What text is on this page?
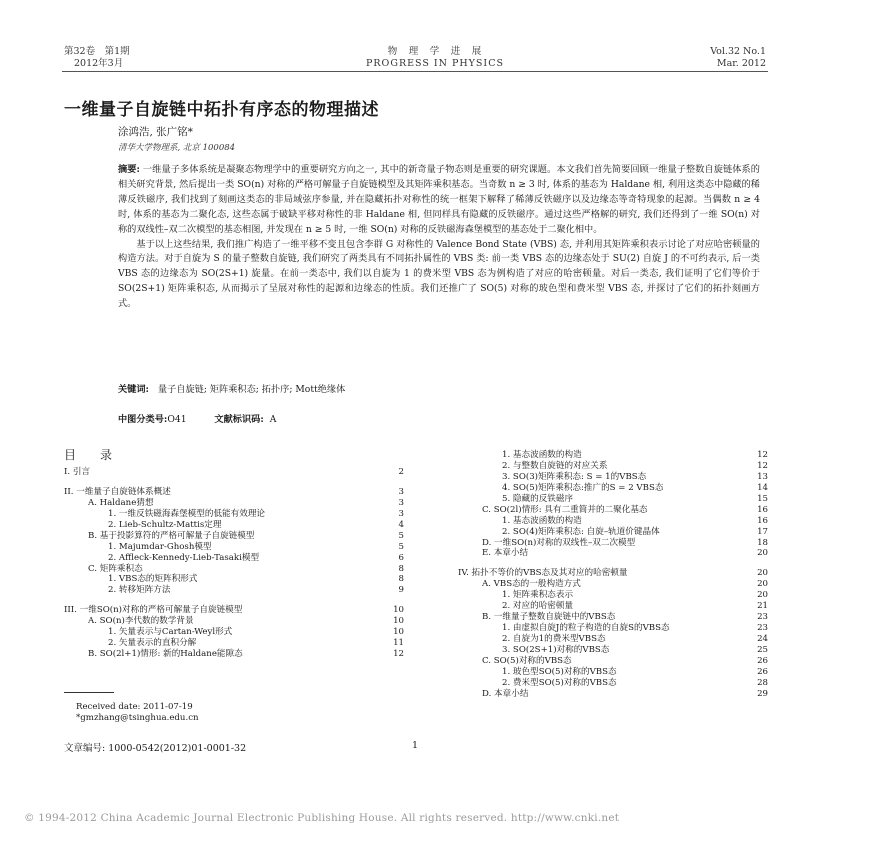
第32卷　第1期
2012年3月
物　理　学　进　展
PROGRESS IN PHYSICS
Vol.32 No.1
Mar. 2012
一维量子自旋链中拓扑有序态的物理描述
涂鸿浩, 张广铭*
清华大学物理系, 北京 100084

摘要: 一维量子多体系统是凝聚态物理学中的重要研究方向之一, 其中的新奇量子物态则是重要的研究课题。本文我们首先简要回顾一维量子整数自旋链体系的相关研究背景, 然后提出一类 SO(n) 对称的严格可解量子自旋链模型及其矩阵乘积基态。当奇数 n ≥ 3 时, 体系的基态为 Haldane 相, 利用这类态中隐藏的稀薄反铁磁序, 我们找到了刻画这类态的非局域弦序参量, 并在隐藏拓扑对称性的统一框架下解释了稀薄反铁磁序以及边缘态等奇特现象的起源。当偶数 n ≥ 4 时, 体系的基态为二聚化态, 这些态属于破缺平移对称性的非 Haldane 相, 但同样具有隐藏的反铁磁序。通过这些严格解的研究, 我们还得到了一维 SO(n) 对称的双线性–双二次模型的基态相图, 并发现在 n ≥ 5 时, 一维 SO(n) 对称的反铁磁海森堡模型的基态处于二聚化相中。

基于以上这些结果, 我们推广构造了一维平移不变且包含李群 G 对称性的 Valence Bond State (VBS) 态, 并利用其矩阵乘积表示讨论了对应哈密顿量的构造方法。对于自旋为 S 的量子整数自旋链, 我们研究了两类具有不同拓扑属性的 VBS 类: 前一类 VBS 态的边缘态处于 SU(2) 自旋 J 的不可约表示, 后一类 VBS 态的边缘态为 SO(2S+1) 旋量。在前一类态中, 我们以自旋为 1 的费米型 VBS 态为例构造了对应的哈密顿量。对后一类态, 我们证明了它们等价于 SO(2S+1) 矩阵乘积态, 从而揭示了呈展对称性的起源和边缘态的性质。我们还推广了 SO(5) 对称的玻色型和费米型 VBS 态, 并探讨了它们的拓扑刻画方式。

关键词: 量子自旋链; 矩阵乘积态; 拓扑序; Mott绝缘体
中图分类号:O41	文献标识码: A
目　录
I. 引言	2
II. 一维量子自旋链体系概述	3
A. Haldane猜想	3
1. 一维反铁磁海森堡模型的低能有效理论	3
2. Lieb-Schultz-Mattis定理	4
B. 基于投影算符的严格可解量子自旋链模型	5
1. Majumdar-Ghosh模型	5
2. Affleck-Kennedy-Lieb-Tasaki模型	6
C. 矩阵乘积态	8
1. VBS态的矩阵积形式	8
2. 转移矩阵方法	9
III. 一维SO(n)对称的严格可解量子自旋链模型	10
A. SO(n)李代数的数学背景	10
1. 矢量表示与Cartan-Weyl形式	10
2. 矢量表示的直积分解	11
B. SO(2l+1)情形: 新的Haldane能隙态	12
1. 基态波函数的构造	12
2. 与整数自旋链的对应关系	12
3. SO(3)矩阵乘积态: S = 1的VBS态	13
4. SO(5)矩阵乘积态:推广的S = 2 VBS态	14
5. 隐藏的反铁磁序	15
C. SO(2l)情形: 具有二重简并的二聚化基态	16
1. 基态波函数的构造	16
2. SO(4)矩阵乘积态: 自旋–轨道价键晶体	17
D. 一维SO(n)对称的双线性–双二次模型	18
E. 本章小结	20
IV. 拓扑不等价的VBS态及其对应的哈密顿量	20
A. VBS态的一般构造方式	20
1. 矩阵乘积态表示	20
2. 对应的哈密顿量	21
B. 一维量子整数自旋链中的VBS态	23
1. 由虚拟自旋J的粒子构造的自旋S的VBS态	23
2. 自旋为1的费米型VBS态	24
3. SO(2S+1)对称的VBS态	25
C. SO(5)对称的VBS态	26
1. 玻色型SO(5)对称的VBS态	26
2. 费米型SO(5)对称的VBS态	28
D. 本章小结	29
Received date: 2011-07-19
*gmzhang@tsinghua.edu.cn
文章编号: 1000-0542(2012)01-0001-32	1
© 1994-2012 China Academic Journal Electronic Publishing House. All rights reserved. http://www.cnki.net
